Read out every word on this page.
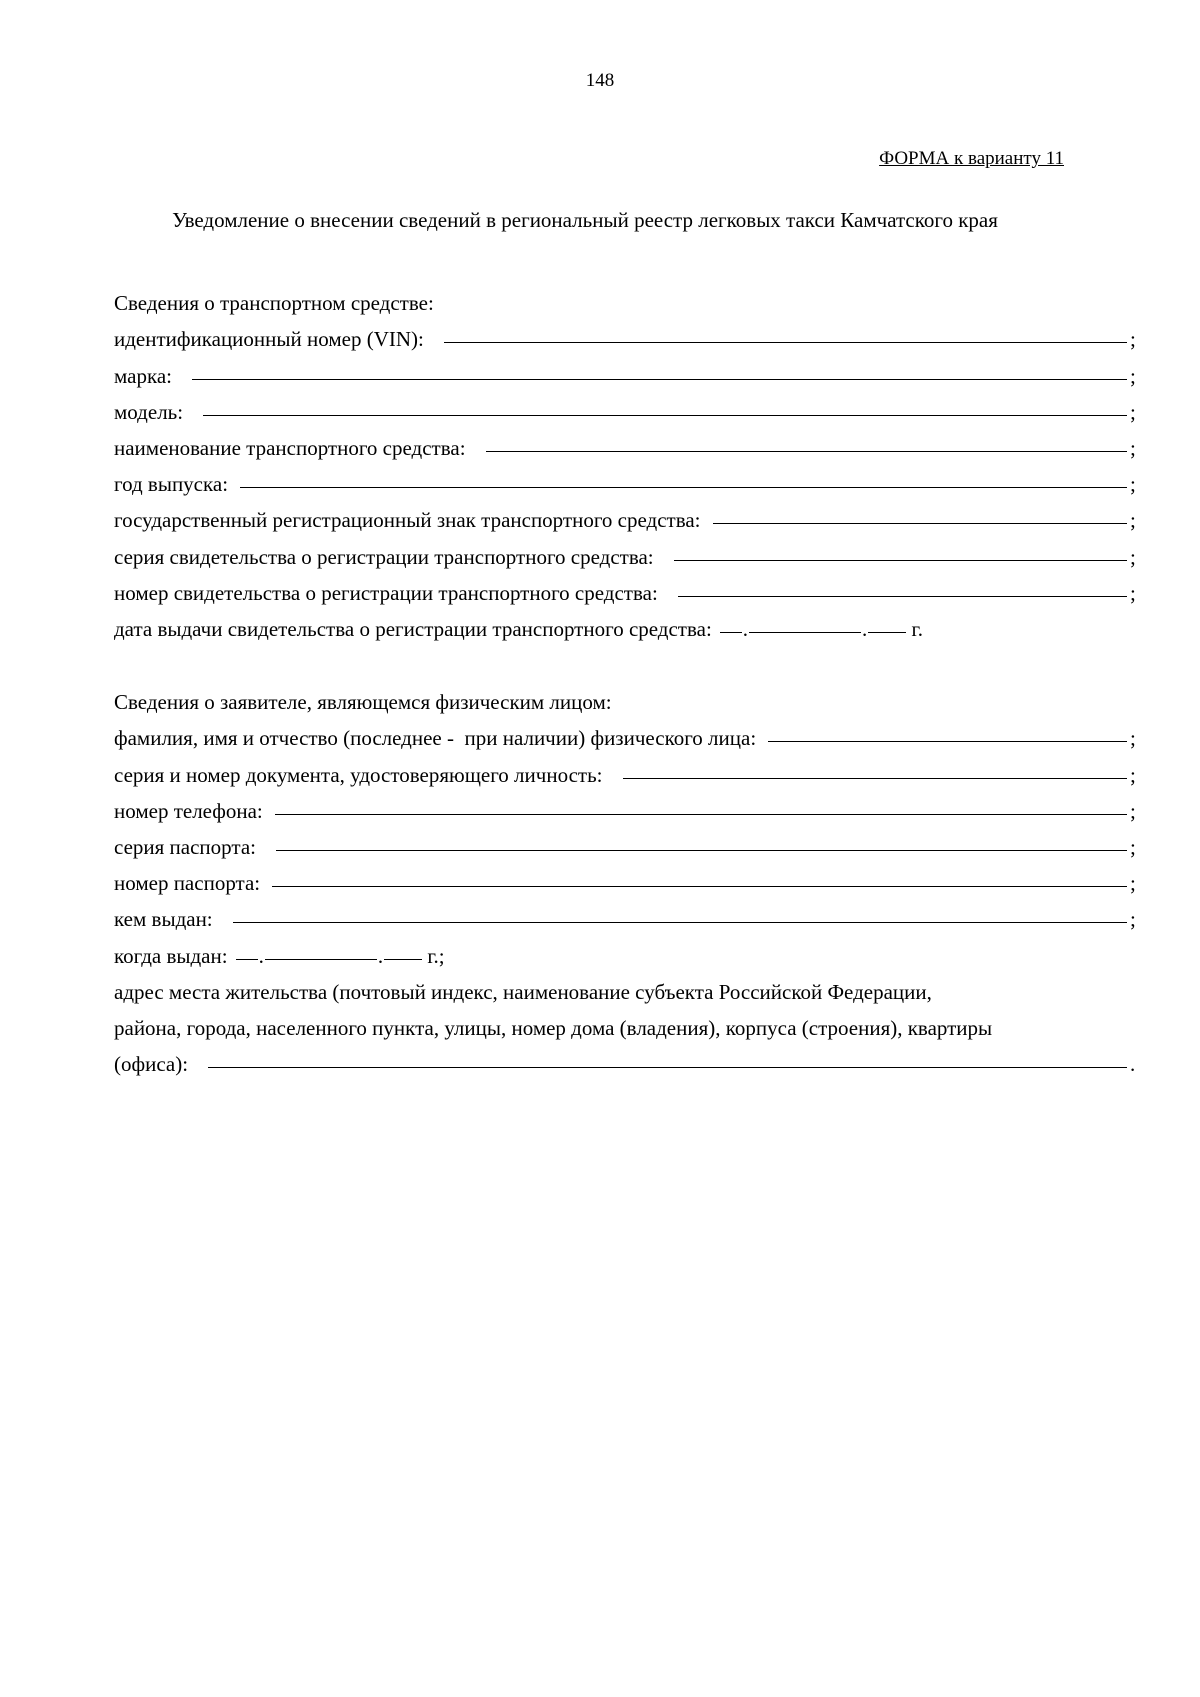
148
ФОРМА к варианту 11
Уведомление о внесении сведений в региональный реестр легковых такси Камчатского края
Сведения о транспортном средстве:
идентификационный номер (VIN):	;
марка:	;
модель:	;
наименование транспортного средства:	;
год выпуска:	;
государственный регистрационный знак транспортного средства:	;
серия свидетельства о регистрации транспортного средства:	;
номер свидетельства о регистрации транспортного средства:	;
дата выдачи свидетельства о регистрации транспортного средства: .	. г.
Сведения о заявителе, являющемся физическим лицом:
фамилия, имя и отчество (последнее -  при наличии) физического лица:	;
серия и номер документа, удостоверяющего личность:	;
номер телефона:	;
серия паспорта:	;
номер паспорта:	;
кем выдан:	;
когда выдан: .	. г.;
адрес места жительства (почтовый индекс, наименование субъекта Российской Федерации,
района, города, населенного пункта, улицы, номер дома (владения), корпуса (строения), квартиры
(офиса):	.
